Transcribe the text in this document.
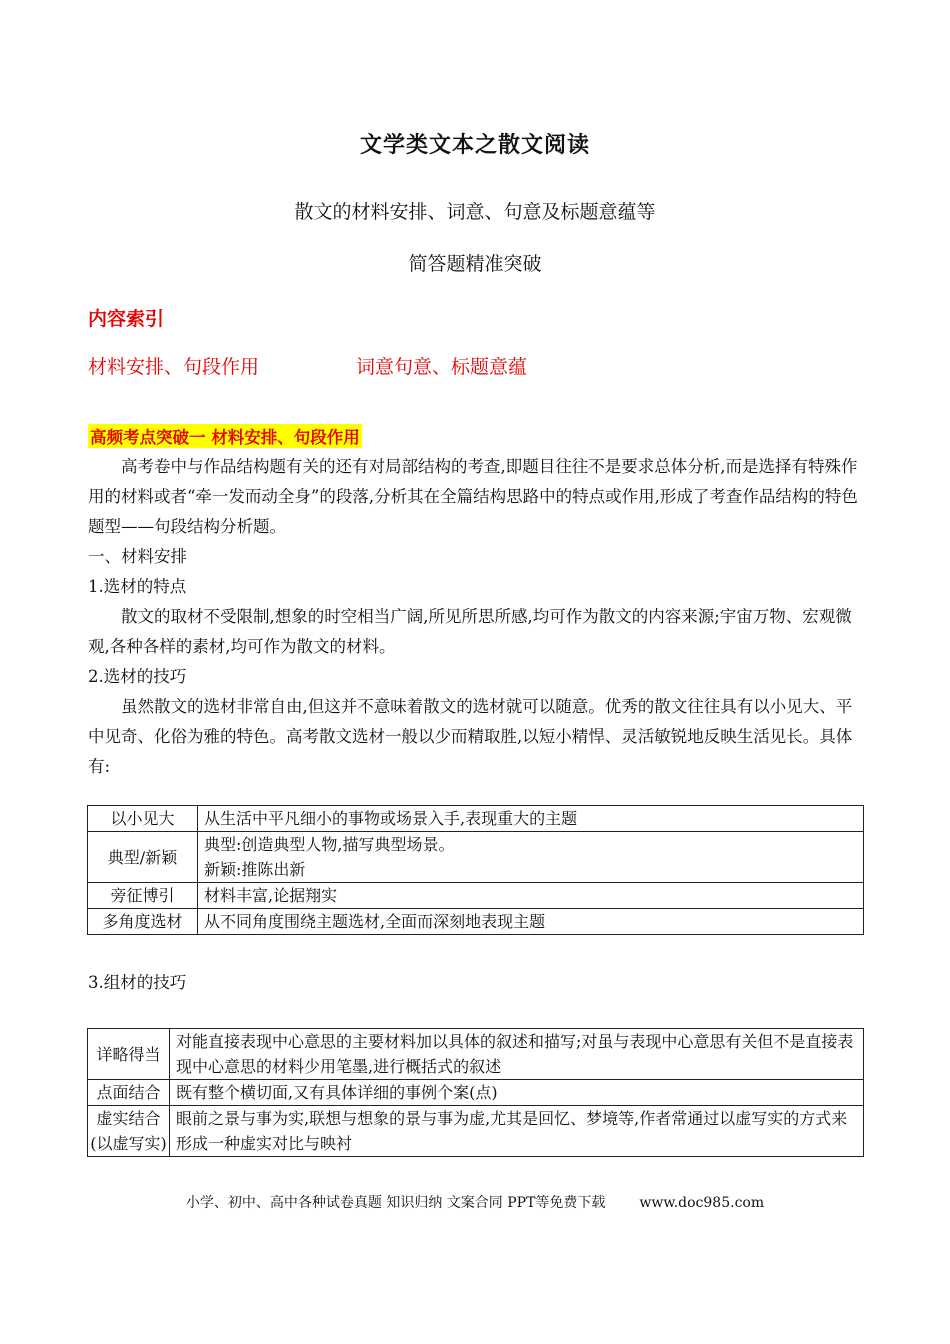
文学类文本之散文阅读
散文的材料安排、词意、句意及标题意蕴等
简答题精准突破
内容索引
材料安排、句段作用	词意句意、标题意蕴
高频考点突破一 材料安排、句段作用
高考卷中与作品结构题有关的还有对局部结构的考查,即题目往往不是要求总体分析,而是选择有特殊作用的材料或者“牵一发而动全身”的段落,分析其在全篇结构思路中的特点或作用,形成了考查作品结构的特色题型——句段结构分析题。
一、材料安排
1.选材的特点
散文的取材不受限制,想象的时空相当广阔,所见所思所感,均可作为散文的内容来源;宇宙万物、宏观微观,各种各样的素材,均可作为散文的材料。
2.选材的技巧
虽然散文的选材非常自由,但这并不意味着散文的选材就可以随意。优秀的散文往往具有以小见大、平中见奇、化俗为雅的特色。高考散文选材一般以少而精取胜,以短小精悍、灵活敏锐地反映生活见长。具体有:
以小见大	从生活中平凡细小的事物或场景入手,表现重大的主题
典型/新颖	典型:创造典型人物,描写典型场景。
新颖:推陈出新

旁征博引	材料丰富,论据翔实
多角度选材	从不同角度围绕主题选材,全面而深刻地表现主题
3.组材的技巧
详略得当	对能直接表现中心意思的主要材料加以具体的叙述和描写;对虽与表现中心意思有关但不是直接表现中心意思的材料少用笔墨,进行概括式的叙述
点面结合	既有整个横切面,又有具体详细的事例个案(点)
虚实结合(以虚写实)	眼前之景与事为实,联想与想象的景与事为虚,尤其是回忆、梦境等,作者常通过以虚写实的方式来形成一种虚实对比与映衬
小学、初中、高中各种试卷真题 知识归纳 文案合同 PPT等免费下载 www.doc985.com
